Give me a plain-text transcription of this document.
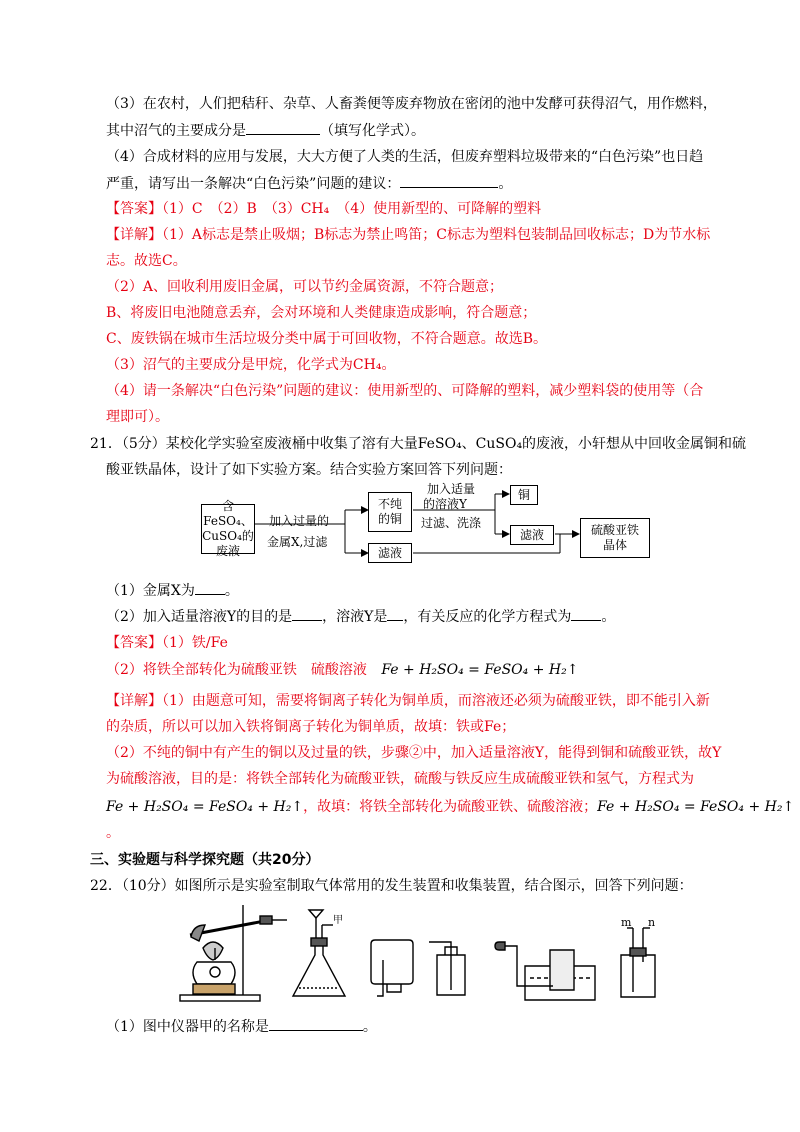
（3）在农村，人们把秸秆、杂草、人畜粪便等废弃物放在密闭的池中发酵可获得沼气，用作燃料，
其中沼气的主要成分是	（填写化学式）。
（4）合成材料的应用与发展，大大方便了人类的生活，但废弃塑料垃圾带来的“白色污染”也日趋
严重，请写出一条解决“白色污染”问题的建议：	。
【答案】（1）C　（2）B　（3）CH₄　（4）使用新型的、可降解的塑料
【详解】（1）A标志是禁止吸烟；B标志为禁止鸣笛；C标志为塑料包装制品回收标志；D为节水标
志。故选C。
（2）A、回收利用废旧金属，可以节约金属资源，不符合题意；
B、将废旧电池随意丢弃，会对环境和人类健康造成影响，符合题意；
C、废铁锅在城市生活垃圾分类中属于可回收物，不符合题意。故选B。
（3）沼气的主要成分是甲烷，化学式为CH₄。
（4）请一条解决“白色污染”问题的建议：使用新型的、可降解的塑料，减少塑料袋的使用等（合
理即可）。
21．（5分）某校化学实验室废液桶中收集了溶有大量FeSO₄、CuSO₄的废液，小轩想从中回收金属铜和硫
酸亚铁晶体，设计了如下实验方案。结合实验方案回答下列问题：
含FeSO₄、
CuSO₄的
废液
加入过量的
金属X,过滤
不纯
的铜
加入适量
的溶液Y
过滤、洗涤
铜
滤液
滤液
硫酸亚铁
晶体
（1）金属X为 。
（2）加入适量溶液Y的目的是 ，溶液Y是 ，有关反应的化学方程式为 。
【答案】（1）铁/Fe
（2）将铁全部转化为硫酸亚铁　硫酸溶液 Fe + H₂SO₄ = FeSO₄ + H₂↑
【详解】（1）由题意可知，需要将铜离子转化为铜单质，而溶液还必须为硫酸亚铁，即不能引入新
的杂质，所以可以加入铁将铜离子转化为铜单质，故填：铁或Fe；
（2）不纯的铜中有产生的铜以及过量的铁，步骤②中，加入适量溶液Y，能得到铜和硫酸亚铁，故Y
为硫酸溶液，目的是：将铁全部转化为硫酸亚铁，硫酸与铁反应生成硫酸亚铁和氢气，方程式为
Fe + H₂SO₄ = FeSO₄ + H₂↑，故填：将铁全部转化为硫酸亚铁、硫酸溶液；Fe + H₂SO₄ = FeSO₄ + H₂↑
。
三、实验题与科学探究题（共20分）
22．（10分）如图所示是实验室制取气体常用的发生装置和收集装置，结合图示，回答下列问题：
甲	m n
（1）图中仪器甲的名称是	。
